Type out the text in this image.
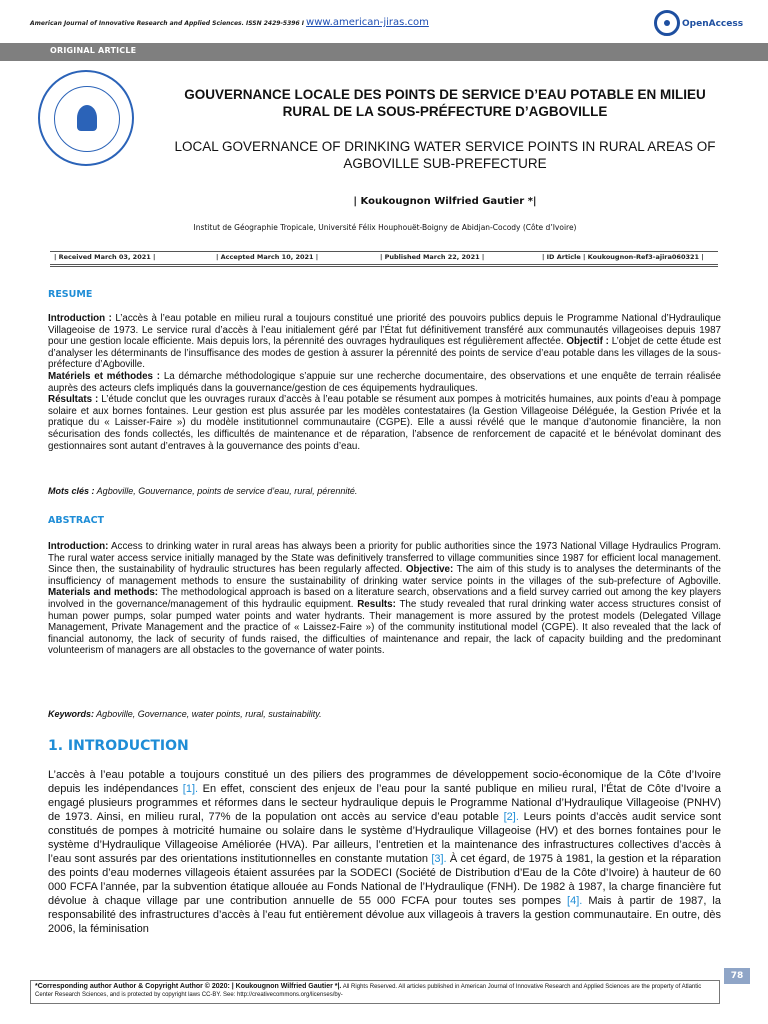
American Journal of Innovative Research and Applied Sciences. ISSN 2429-5396 I www.american-jiras.com	OpenAccess
ORIGINAL ARTICLE
GOUVERNANCE LOCALE DES POINTS DE SERVICE D’EAU POTABLE EN MILIEU RURAL DE LA SOUS-PRÉFECTURE D’AGBOVILLE
LOCAL GOVERNANCE OF DRINKING WATER SERVICE POINTS IN RURAL AREAS OF AGBOVILLE SUB-PREFECTURE
| Koukougnon Wilfried Gautier *|
Institut de Géographie Tropicale, Université Félix Houphouët-Boigny de Abidjan-Cocody (Côte d’Ivoire)
| Received March 03, 2021 |	| Accepted March 10, 2021 |	| Published March 22, 2021 |	| ID Article | Koukougnon-Ref3-ajira060321 |
RESUME
Introduction : L’accès à l’eau potable en milieu rural a toujours constitué une priorité des pouvoirs publics depuis le Programme National d’Hydraulique Villageoise de 1973. Le service rural d’accès à l’eau initialement géré par l’État fut définitivement transféré aux communautés villageoises depuis 1987 pour une gestion locale efficiente. Mais depuis lors, la pérennité des ouvrages hydrauliques est régulièrement affectée. Objectif : L’objet de cette étude est d’analyser les déterminants de l’insuffisance des modes de gestion à assurer la pérennité des points de service d’eau potable dans les villages de la sous-préfecture d’Agboville.
Matériels et méthodes : La démarche méthodologique s’appuie sur une recherche documentaire, des observations et une enquête de terrain réalisée auprès des acteurs clefs impliqués dans la gouvernance/gestion de ces équipements hydrauliques.
Résultats : L’étude conclut que les ouvrages ruraux d’accès à l’eau potable se résument aux pompes à motricités humaines, aux points d’eau à pompage solaire et aux bornes fontaines. Leur gestion est plus assurée par les modèles contestataires (la Gestion Villageoise Déléguée, la Gestion Privée et la pratique du « Laisser-Faire ») du modèle institutionnel communautaire (CGPE). Elle a aussi révélé que le manque d’autonomie financière, la non sécurisation des fonds collectés, les difficultés de maintenance et de réparation, l’absence de renforcement de capacité et le bénévolat dominant des gestionnaires sont autant d’entraves à la gouvernance des points d’eau.
Mots clés : Agboville, Gouvernance, points de service d’eau, rural, pérennité.
ABSTRACT
Introduction: Access to drinking water in rural areas has always been a priority for public authorities since the 1973 National Village Hydraulics Program. The rural water access service initially managed by the State was definitively transferred to village communities since 1987 for efficient local management. Since then, the sustainability of hydraulic structures has been regularly affected. Objective: The aim of this study is to analyses the determinants of the insufficiency of management methods to ensure the sustainability of drinking water service points in the villages of the sub-prefecture of Agboville. Materials and methods: The methodological approach is based on a literature search, observations and a field survey carried out among the key players involved in the governance/management of this hydraulic equipment. Results: The study revealed that rural drinking water access structures consist of human power pumps, solar pumped water points and water hydrants. Their management is more assured by the protest models (Delegated Village Management, Private Management and the practice of « Laissez-Faire ») of the community institutional model (CGPE). It also revealed that the lack of financial autonomy, the lack of security of funds raised, the difficulties of maintenance and repair, the lack of capacity building and the predominant volunteerism of managers are all obstacles to the governance of water points.
Keywords: Agboville, Governance, water points, rural, sustainability.
1. INTRODUCTION
L’accès à l’eau potable a toujours constitué un des piliers des programmes de développement socio-économique de la Côte d’Ivoire depuis les indépendances [1]. En effet, conscient des enjeux de l’eau pour la santé publique en milieu rural, l’État de Côte d’Ivoire a engagé plusieurs programmes et réformes dans le secteur hydraulique depuis le Programme National d’Hydraulique Villageoise (PNHV) de 1973. Ainsi, en milieu rural, 77% de la population ont accès au service d’eau potable [2]. Leurs points d’accès audit service sont constitués de pompes à motricité humaine ou solaire dans le système d’Hydraulique Villageoise (HV) et des bornes fontaines pour le système d’Hydraulique Villageoise Améliorée (HVA). Par ailleurs, l’entretien et la maintenance des infrastructures collectives d’accès à l’eau sont assurés par des orientations institutionnelles en constante mutation [3]. À cet égard, de 1975 à 1981, la gestion et la réparation des points d’eau modernes villageois étaient assurées par la SODECI (Société de Distribution d’Eau de la Côte d’Ivoire) à hauteur de 60 000 FCFA l’année, par la subvention étatique allouée au Fonds National de l’Hydraulique (FNH). De 1982 à 1987, la charge financière fut dévolue à chaque village par une contribution annuelle de 55 000 FCFA pour toutes ses pompes [4]. Mais à partir de 1987, la responsabilité des infrastructures d’accès à l’eau fut entièrement dévolue aux villageois à travers la gestion communautaire. En outre, dès 2006, la féminisation
78
*Corresponding author Author & Copyright Author © 2020: | Koukougnon Wilfried Gautier *|. All Rights Reserved. All articles published in American Journal of Innovative Research and Applied Sciences are the property of Atlantic Center Research Sciences, and is protected by copyright laws CC-BY. See: http://creativecommons.org/licenses/by-
